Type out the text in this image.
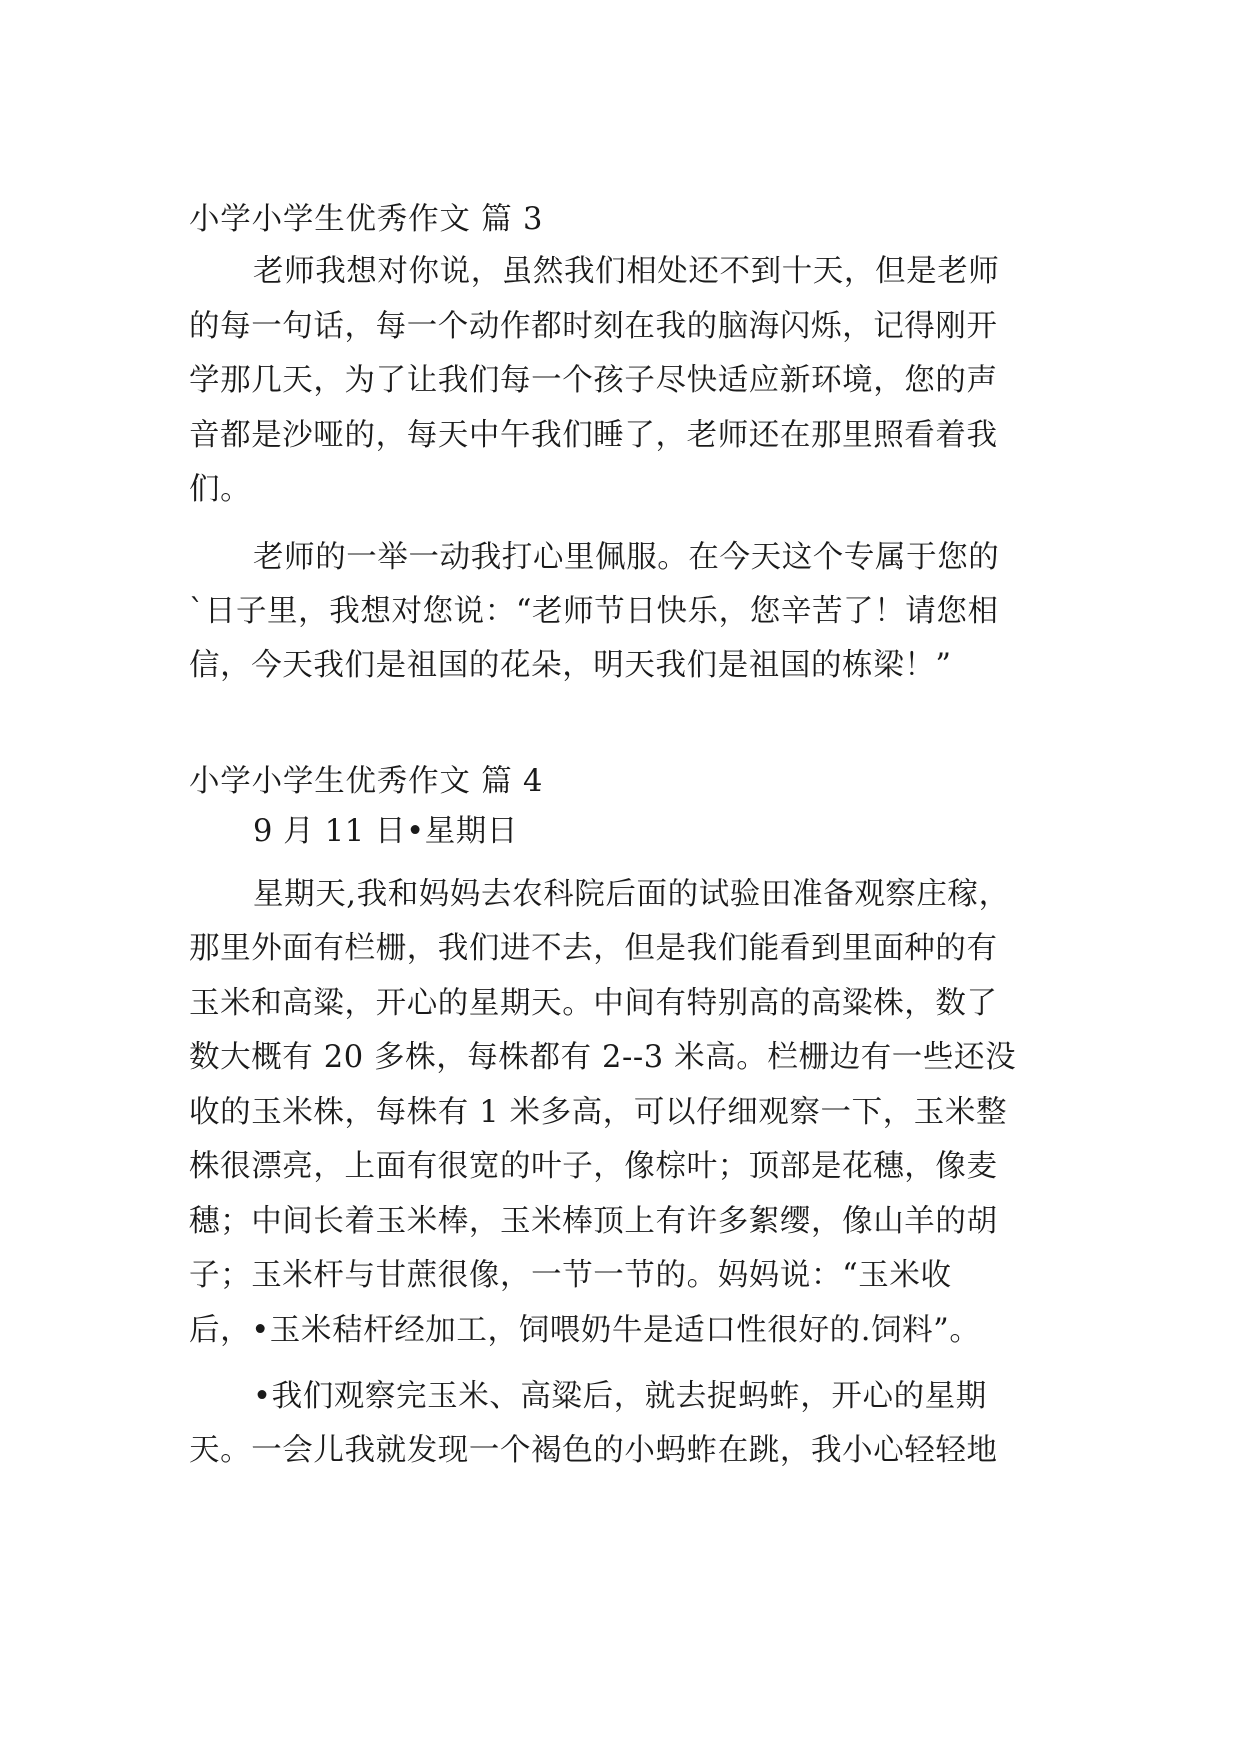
小学小学生优秀作文 篇 3
老师我想对你说，虽然我们相处还不到十天，但是老师
的每一句话，每一个动作都时刻在我的脑海闪烁，记得刚开
学那几天，为了让我们每一个孩子尽快适应新环境，您的声
音都是沙哑的，每天中午我们睡了，老师还在那里照看着我
们。
老师的一举一动我打心里佩服。在今天这个专属于您的
`日子里，我想对您说：“老师节日快乐，您辛苦了！请您相
信，今天我们是祖国的花朵，明天我们是祖国的栋梁！”
小学小学生优秀作文 篇 4
9 月 11 日•星期日
星期天,我和妈妈去农科院后面的试验田准备观察庄稼，
那里外面有栏栅，我们进不去，但是我们能看到里面种的有
玉米和高粱，开心的星期天。中间有特别高的高粱株，数了
数大概有 20 多株，每株都有 2--3 米高。栏栅边有一些还没
收的玉米株，每株有 1 米多高，可以仔细观察一下，玉米整
株很漂亮，上面有很宽的叶子，像棕叶；顶部是花穗，像麦
穗；中间长着玉米棒，玉米棒顶上有许多絮缨，像山羊的胡
子；玉米杆与甘蔗很像，一节一节的。妈妈说：“玉米收
后，•玉米秸杆经加工，饲喂奶牛是适口性很好的.饲料”。
•我们观察完玉米、高粱后，就去捉蚂蚱，开心的星期
天。一会儿我就发现一个褐色的小蚂蚱在跳，我小心轻轻地
